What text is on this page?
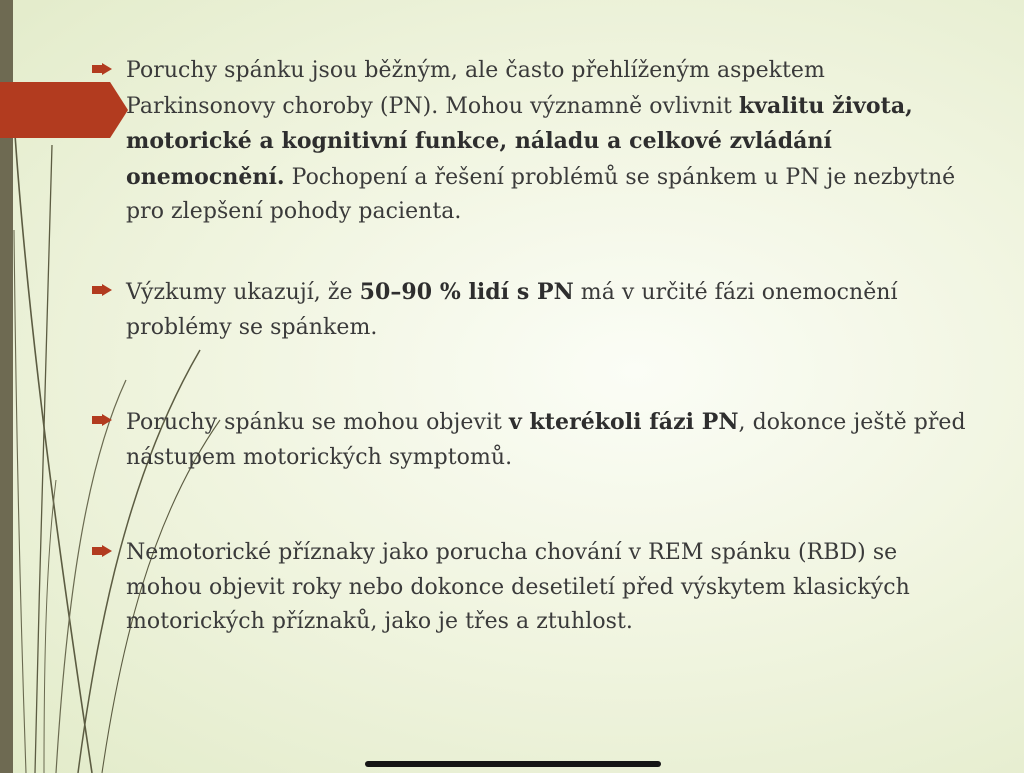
Poruchy spánku jsou běžným, ale často přehlíženým aspektem Parkinsonovy choroby (PN). Mohou významně ovlivnit kvalitu života, motorické a kognitivní funkce, náladu a celkové zvládání onemocnění. Pochopení a řešení problémů se spánkem u PN je nezbytné pro zlepšení pohody pacienta.
Výzkumy ukazují, že 50–90 % lidí s PN má v určité fázi onemocnění problémy se spánkem.
Poruchy spánku se mohou objevit v kterékoli fázi PN, dokonce ještě před nástupem motorických symptomů.
Nemotorické příznaky jako porucha chování v REM spánku (RBD) se mohou objevit roky nebo dokonce desetiletí před výskytem klasických motorických příznaků, jako je třes a ztuhlost.
